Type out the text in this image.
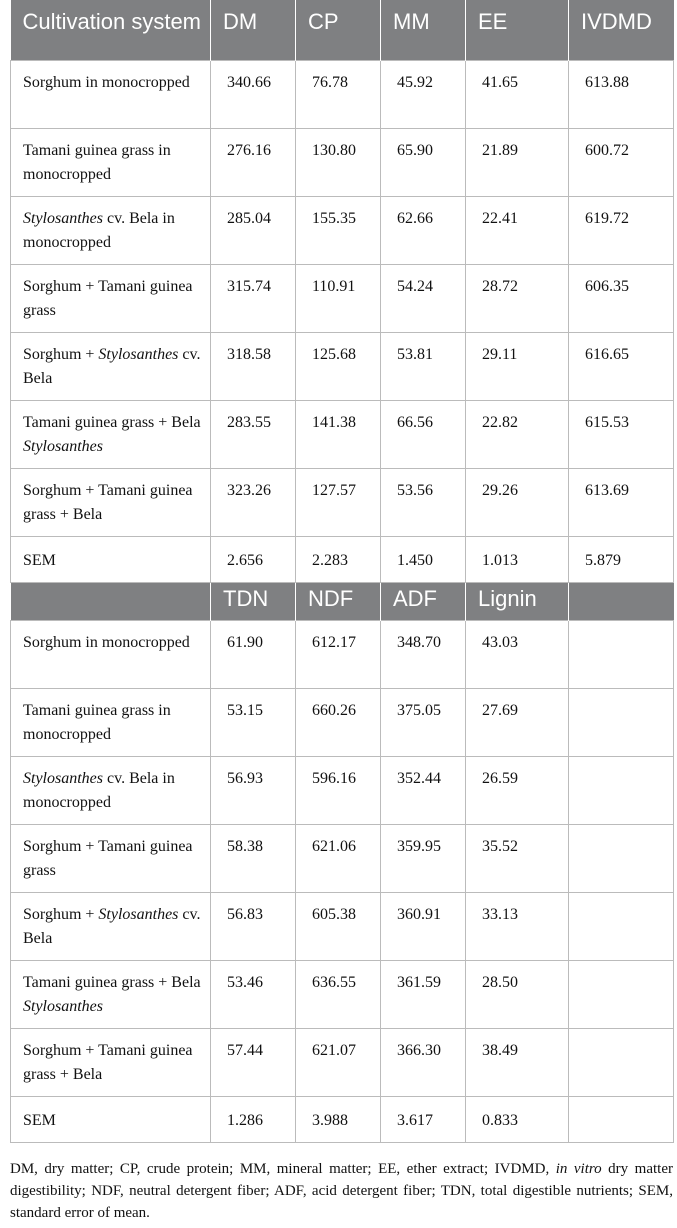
Cultivation system	DM	CP	MM	EE	IVDMD
Sorghum in monocropped	340.66	76.78	45.92	41.65	613.88
Tamani guinea grass in monocropped	276.16	130.80	65.90	21.89	600.72
Stylosanthes cv. Bela in monocropped	285.04	155.35	62.66	22.41	619.72
Sorghum + Tamani guinea grass	315.74	110.91	54.24	28.72	606.35
Sorghum + Stylosanthes cv. Bela	318.58	125.68	53.81	29.11	616.65
Tamani guinea grass + Bela Stylosanthes	283.55	141.38	66.56	22.82	615.53
Sorghum + Tamani guinea grass + Bela	323.26	127.57	53.56	29.26	613.69
SEM	2.656	2.283	1.450	1.013	5.879
	TDN	NDF	ADF	Lignin	
Sorghum in monocropped	61.90	612.17	348.70	43.03	
Tamani guinea grass in monocropped	53.15	660.26	375.05	27.69	
Stylosanthes cv. Bela in monocropped	56.93	596.16	352.44	26.59	
Sorghum + Tamani guinea grass	58.38	621.06	359.95	35.52	
Sorghum + Stylosanthes cv. Bela	56.83	605.38	360.91	33.13	
Tamani guinea grass + Bela Stylosanthes	53.46	636.55	361.59	28.50	
Sorghum + Tamani guinea grass + Bela	57.44	621.07	366.30	38.49	
SEM	1.286	3.988	3.617	0.833	
DM, dry matter; CP, crude protein; MM, mineral matter; EE, ether extract; IVDMD, in vitro dry matter digestibility; NDF, neutral detergent fiber; ADF, acid detergent fiber; TDN, total digestible nutrients; SEM, standard error of mean.
